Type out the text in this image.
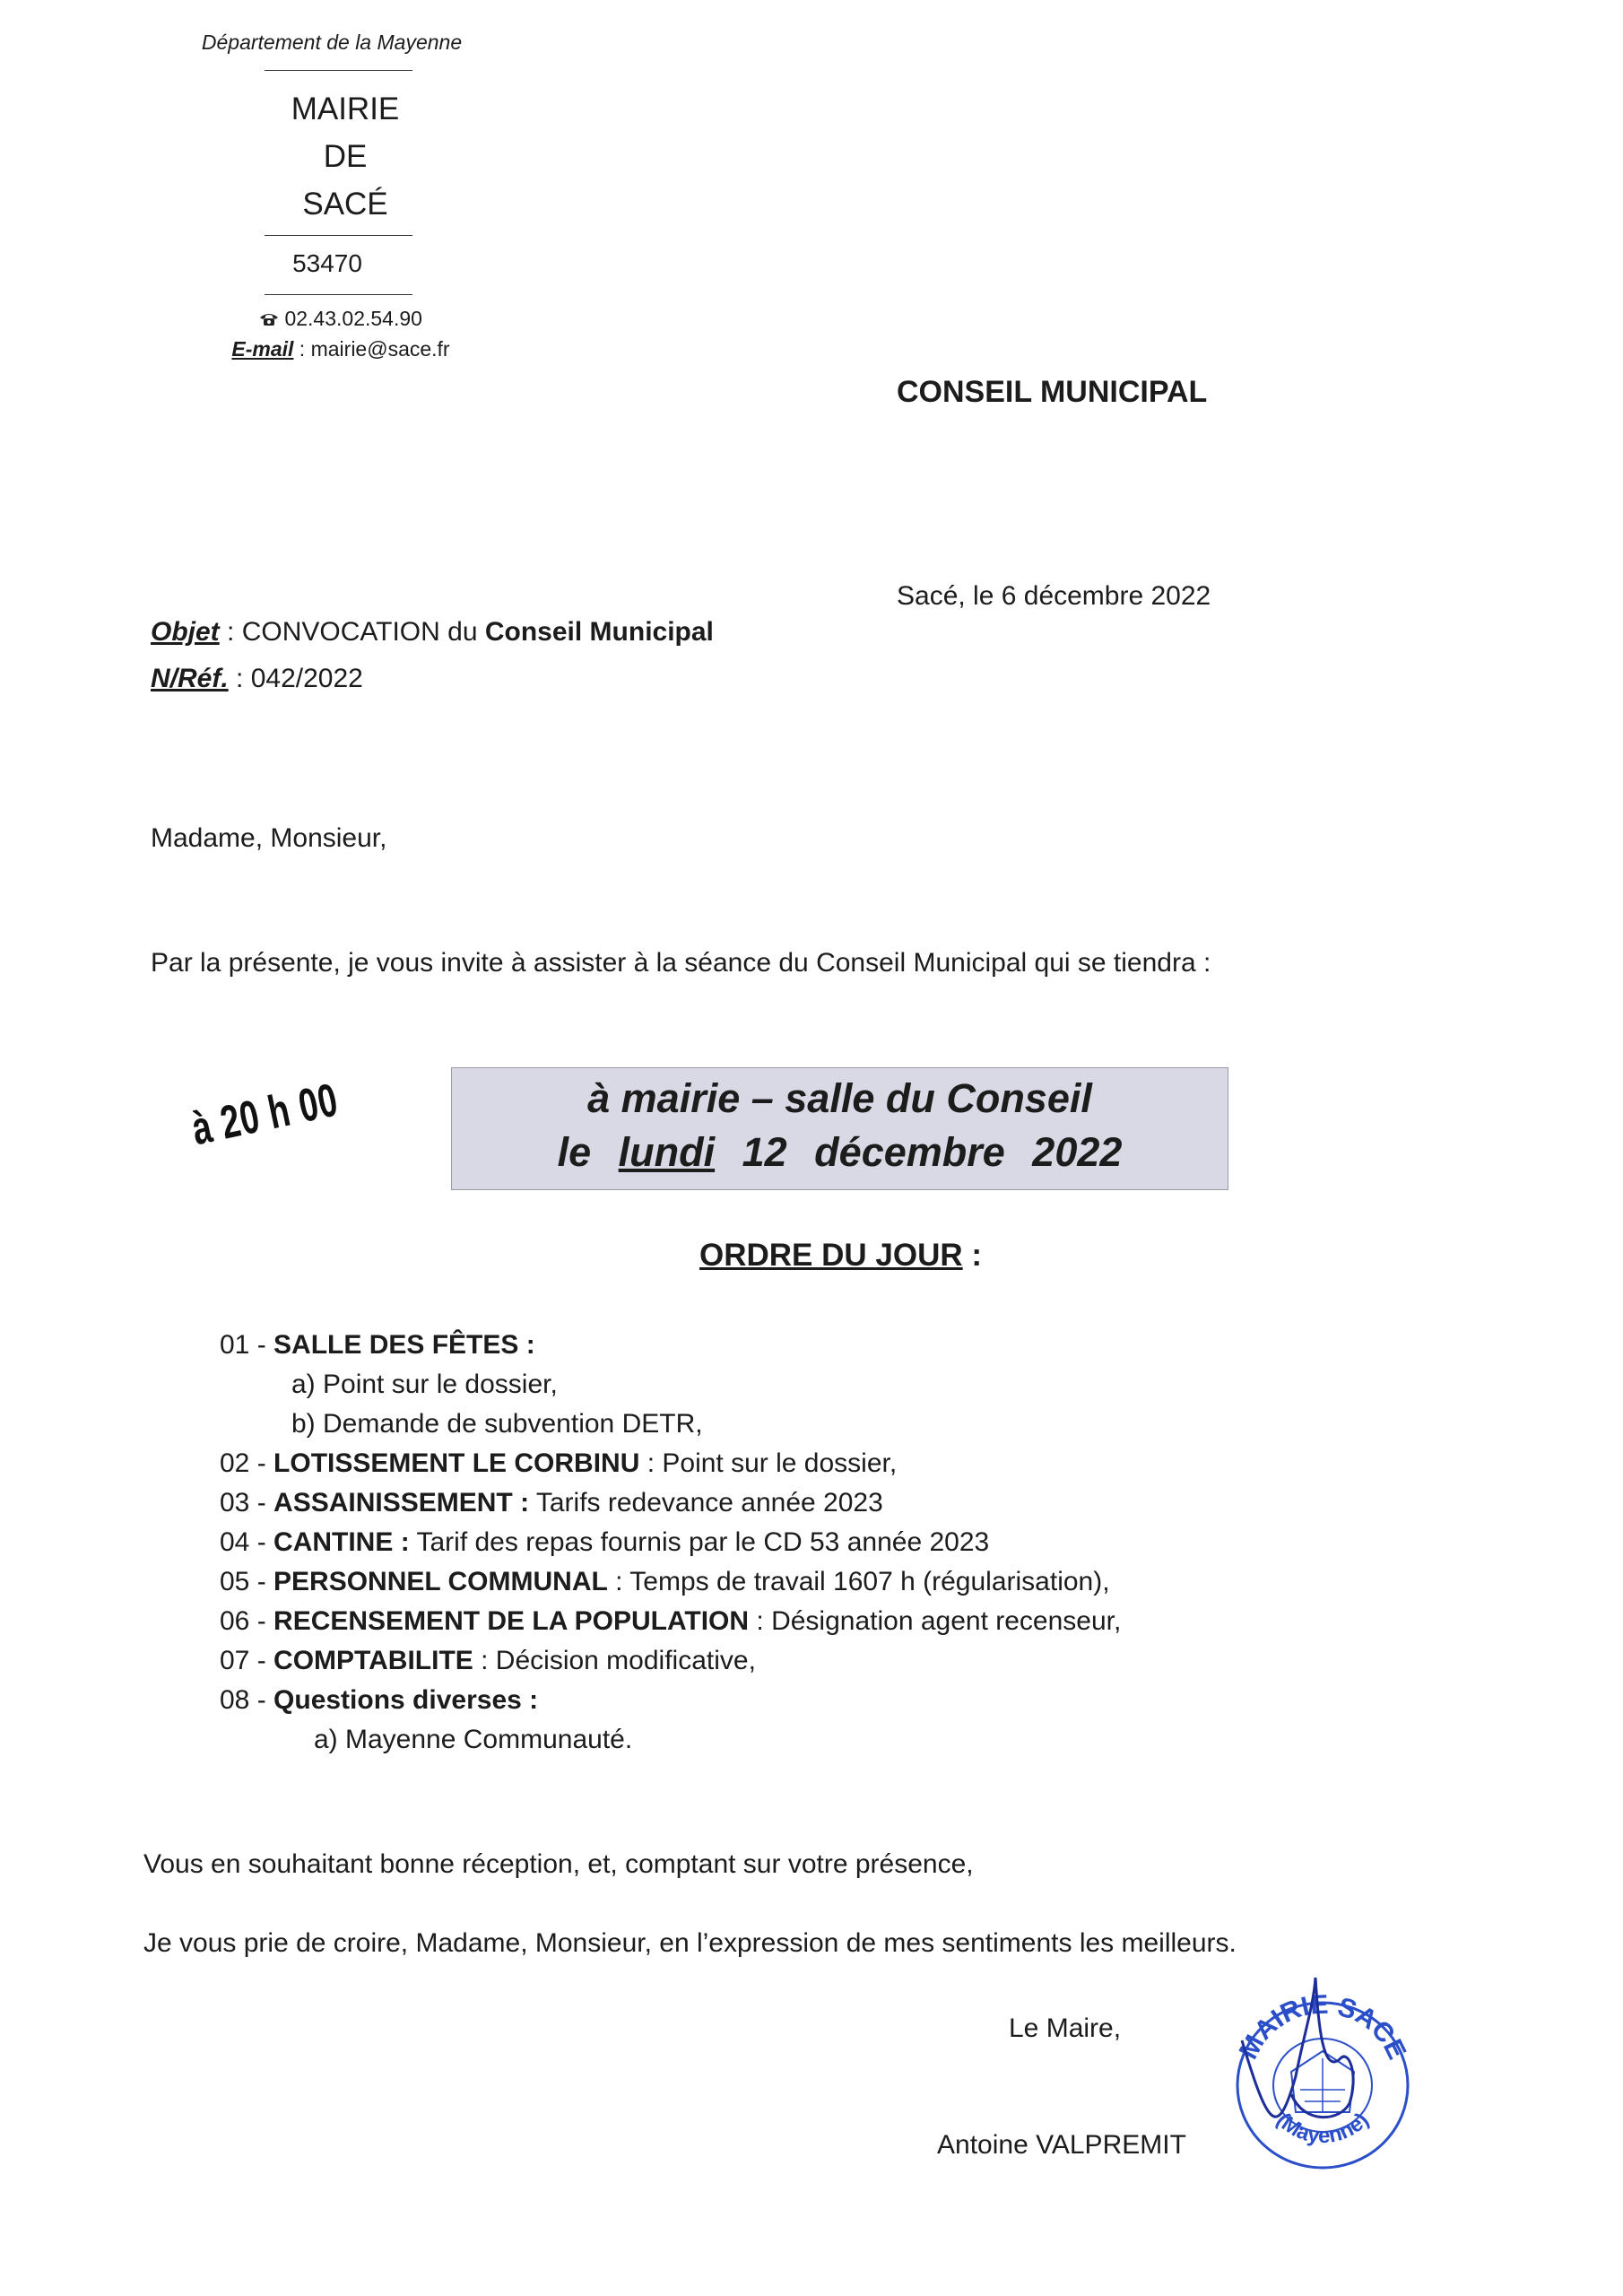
Département de la Mayenne
MAIRIE
DE
SACÉ
53470
02.43.02.54.90
E-mail : mairie@sace.fr
CONSEIL MUNICIPAL
Sacé, le 6 décembre 2022
Objet : CONVOCATION du Conseil Municipal
N/Réf. : 042/2022
Madame, Monsieur,
Par la présente, je vous invite à assister à la séance du Conseil Municipal qui se tiendra :
à 20 h 00	à mairie – salle du Conseil
le lundi 12 décembre 2022
ORDRE DU JOUR :
01 - SALLE DES FÊTES :
a) Point sur le dossier,
b) Demande de subvention DETR,
02 - LOTISSEMENT LE CORBINU : Point sur le dossier,
03 - ASSAINISSEMENT : Tarifs redevance année 2023
04 - CANTINE : Tarif des repas fournis par le CD 53 année 2023
05 - PERSONNEL COMMUNAL : Temps de travail 1607 h (régularisation),
06 - RECENSEMENT DE LA POPULATION : Désignation agent recenseur,
07 - COMPTABILITE : Décision modificative,
08 - Questions diverses :
a) Mayenne Communauté.
Vous en souhaitant bonne réception, et, comptant sur votre présence,
Je vous prie de croire, Madame, Monsieur, en l’expression de mes sentiments les meilleurs.
Le Maire,
Antoine VALPREMIT
MAIRIE SACE
(Mayenne)
